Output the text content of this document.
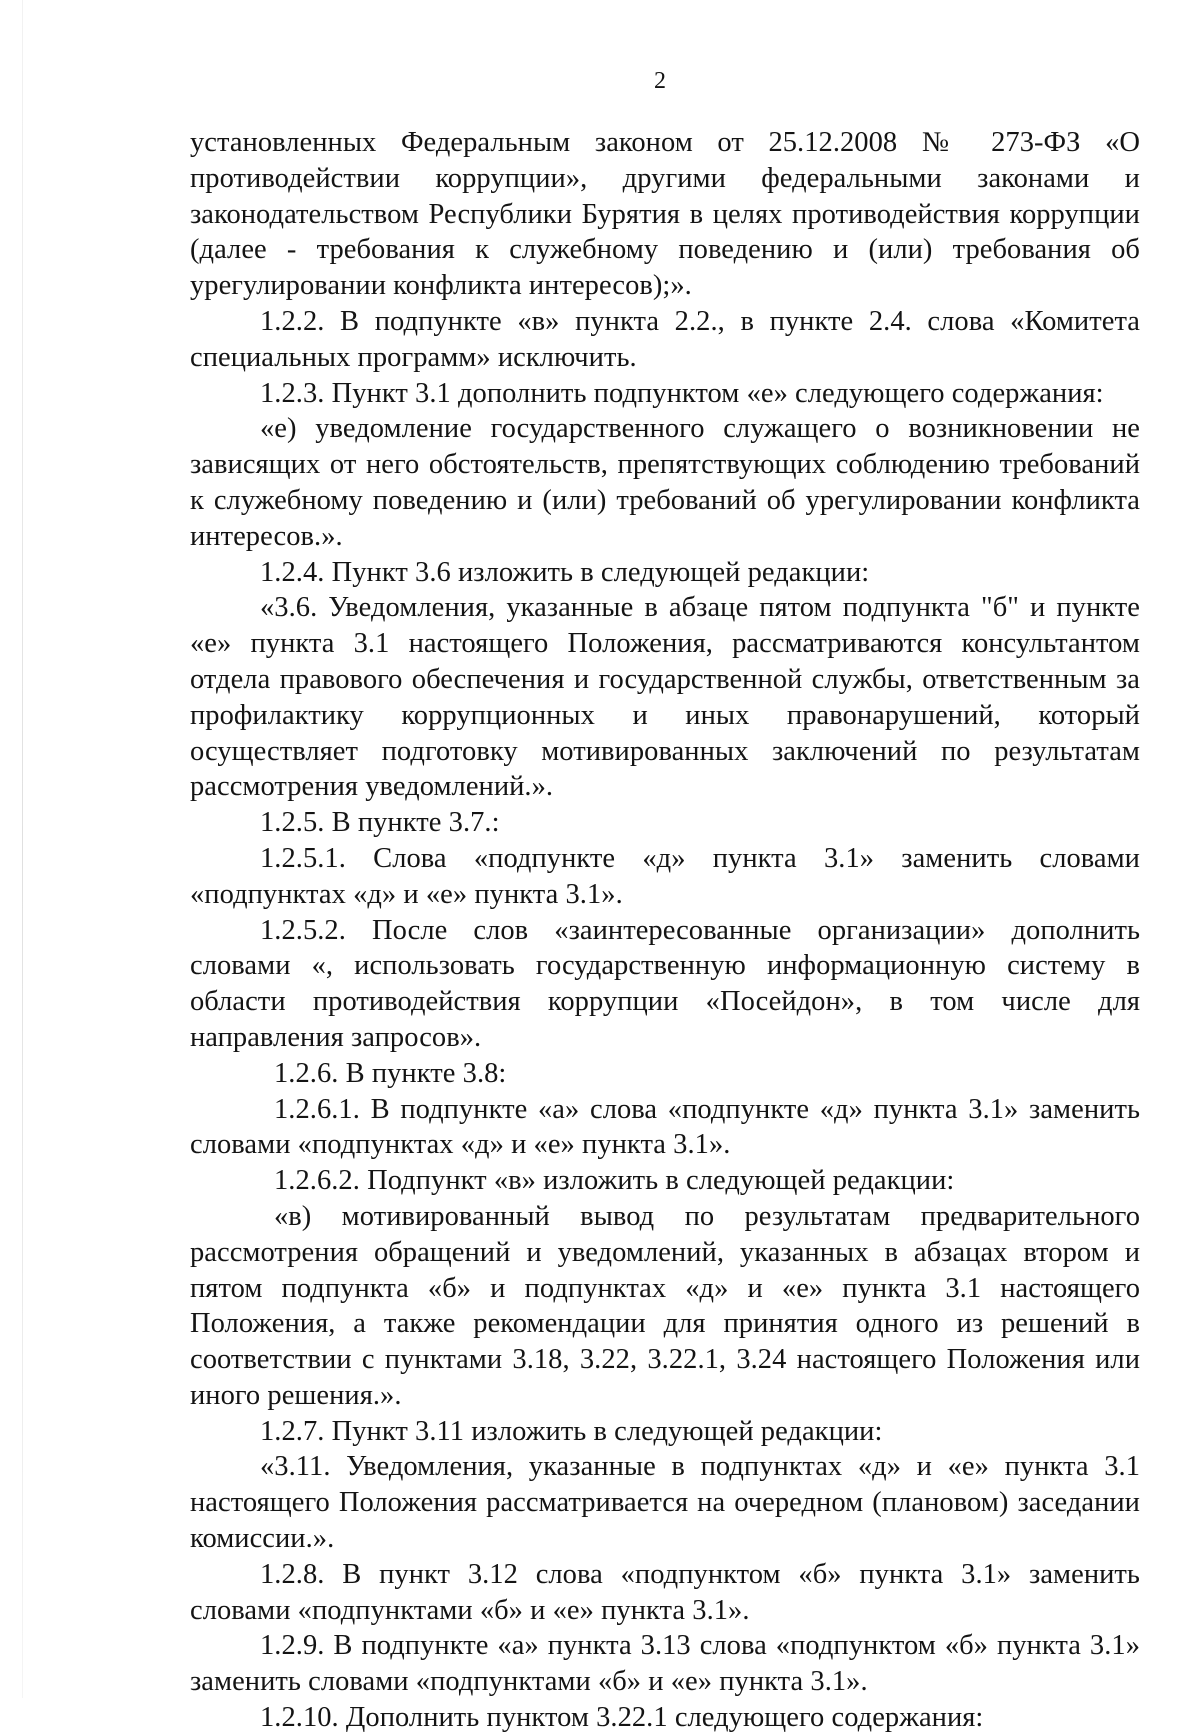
2

установленных Федеральным законом от 25.12.2008 № 273-ФЗ «О противодействии коррупции», другими федеральными законами и законодательством Республики Бурятия в целях противодействия коррупции (далее - требования к служебному поведению и (или) требования об урегулировании конфликта интересов);».

1.2.2. В подпункте «в» пункта 2.2., в пункте 2.4. слова «Комитета специальных программ» исключить.

1.2.3. Пункт 3.1 дополнить подпунктом «е» следующего содержания:

«е) уведомление государственного служащего о возникновении не зависящих от него обстоятельств, препятствующих соблюдению требований к служебному поведению и (или) требований об урегулировании конфликта интересов.».

1.2.4. Пункт 3.6 изложить в следующей редакции:

«3.6. Уведомления, указанные в абзаце пятом подпункта "б" и пункте «е» пункта 3.1 настоящего Положения, рассматриваются консультантом отдела правового обеспечения и государственной службы, ответственным за профилактику коррупционных и иных правонарушений, который осуществляет подготовку мотивированных заключений по результатам рассмотрения уведомлений.».

1.2.5. В пункте 3.7.:

1.2.5.1. Слова «подпункте «д» пункта 3.1» заменить словами «подпунктах «д» и «е» пункта 3.1».

1.2.5.2. После слов «заинтересованные организации» дополнить словами «, использовать государственную информационную систему в области противодействия коррупции «Посейдон», в том числе для направления запросов».

1.2.6. В пункте 3.8:

1.2.6.1. В подпункте «а» слова «подпункте «д» пункта 3.1» заменить словами «подпунктах «д» и «е» пункта 3.1».

1.2.6.2. Подпункт «в» изложить в следующей редакции:

«в) мотивированный вывод по результатам предварительного рассмотрения обращений и уведомлений, указанных в абзацах втором и пятом подпункта «б» и подпунктах «д» и «е» пункта 3.1 настоящего Положения, а также рекомендации для принятия одного из решений в соответствии с пунктами 3.18, 3.22, 3.22.1, 3.24 настоящего Положения или иного решения.».

1.2.7. Пункт 3.11 изложить в следующей редакции:

«3.11. Уведомления, указанные в подпунктах «д» и «е» пункта 3.1 настоящего Положения рассматривается на очередном (плановом) заседании комиссии.».

1.2.8. В пункт 3.12 слова «подпунктом «б» пункта 3.1» заменить словами «подпунктами «б» и «е» пункта 3.1».

1.2.9. В подпункте «а» пункта 3.13 слова «подпунктом «б» пункта 3.1» заменить словами «подпунктами «б» и «е» пункта 3.1».

1.2.10. Дополнить пунктом 3.22.1 следующего содержания:
